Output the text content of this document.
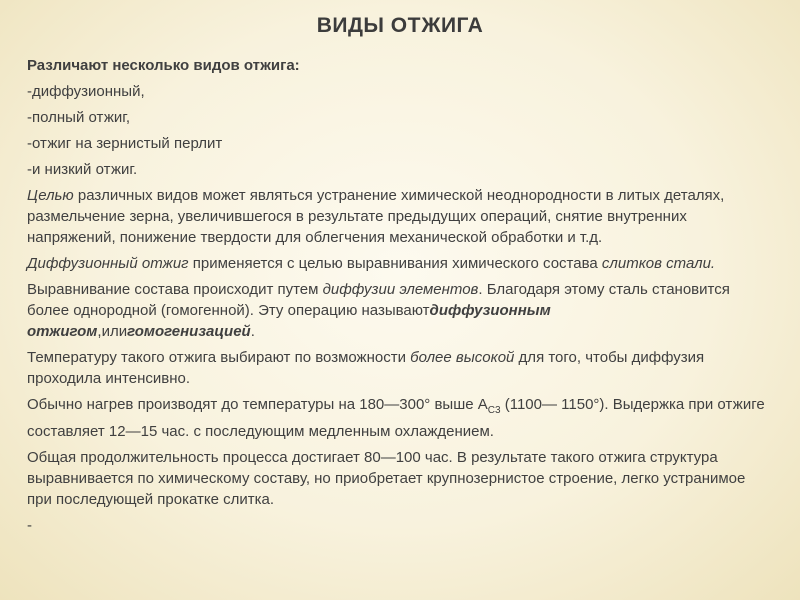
ВИДЫ ОТЖИГА
Различают несколько видов отжига:
-диффузионный,
-полный отжиг,
-отжиг на зернистый перлит
-и низкий отжиг.
Целью различных видов может являться устранение химической неоднородности в литых деталях, размельчение зерна, увеличившегося в результате предыдущих операций, снятие внутренних напряжений, понижение твердости для облегчения механической обработки и т.д.
Диффузионный отжиг применяется с целью выравнивания химического состава слитков стали.
Выравнивание состава происходит путем диффузии элементов. Благодаря этому сталь становится более однородной (гомогенной). Эту операцию называютдиффузионным отжигом,илигомогенизацией.
Температуру такого отжига выбирают по возможности более высокой для того, чтобы диффузия проходила интенсивно.
Обычно нагрев производят до температуры на 180—300° выше $А_{С3}$ (1100— 1150°). Выдержка при отжиге составляет 12—15 час. с последующим медленным охлаждением.
Общая продолжительность процесса достигает 80—100 час. В результате такого отжига структура выравнивается по химическому составу, но приобретает крупнозернистое строение, легко устранимое при последующей прокатке слитка.
-
